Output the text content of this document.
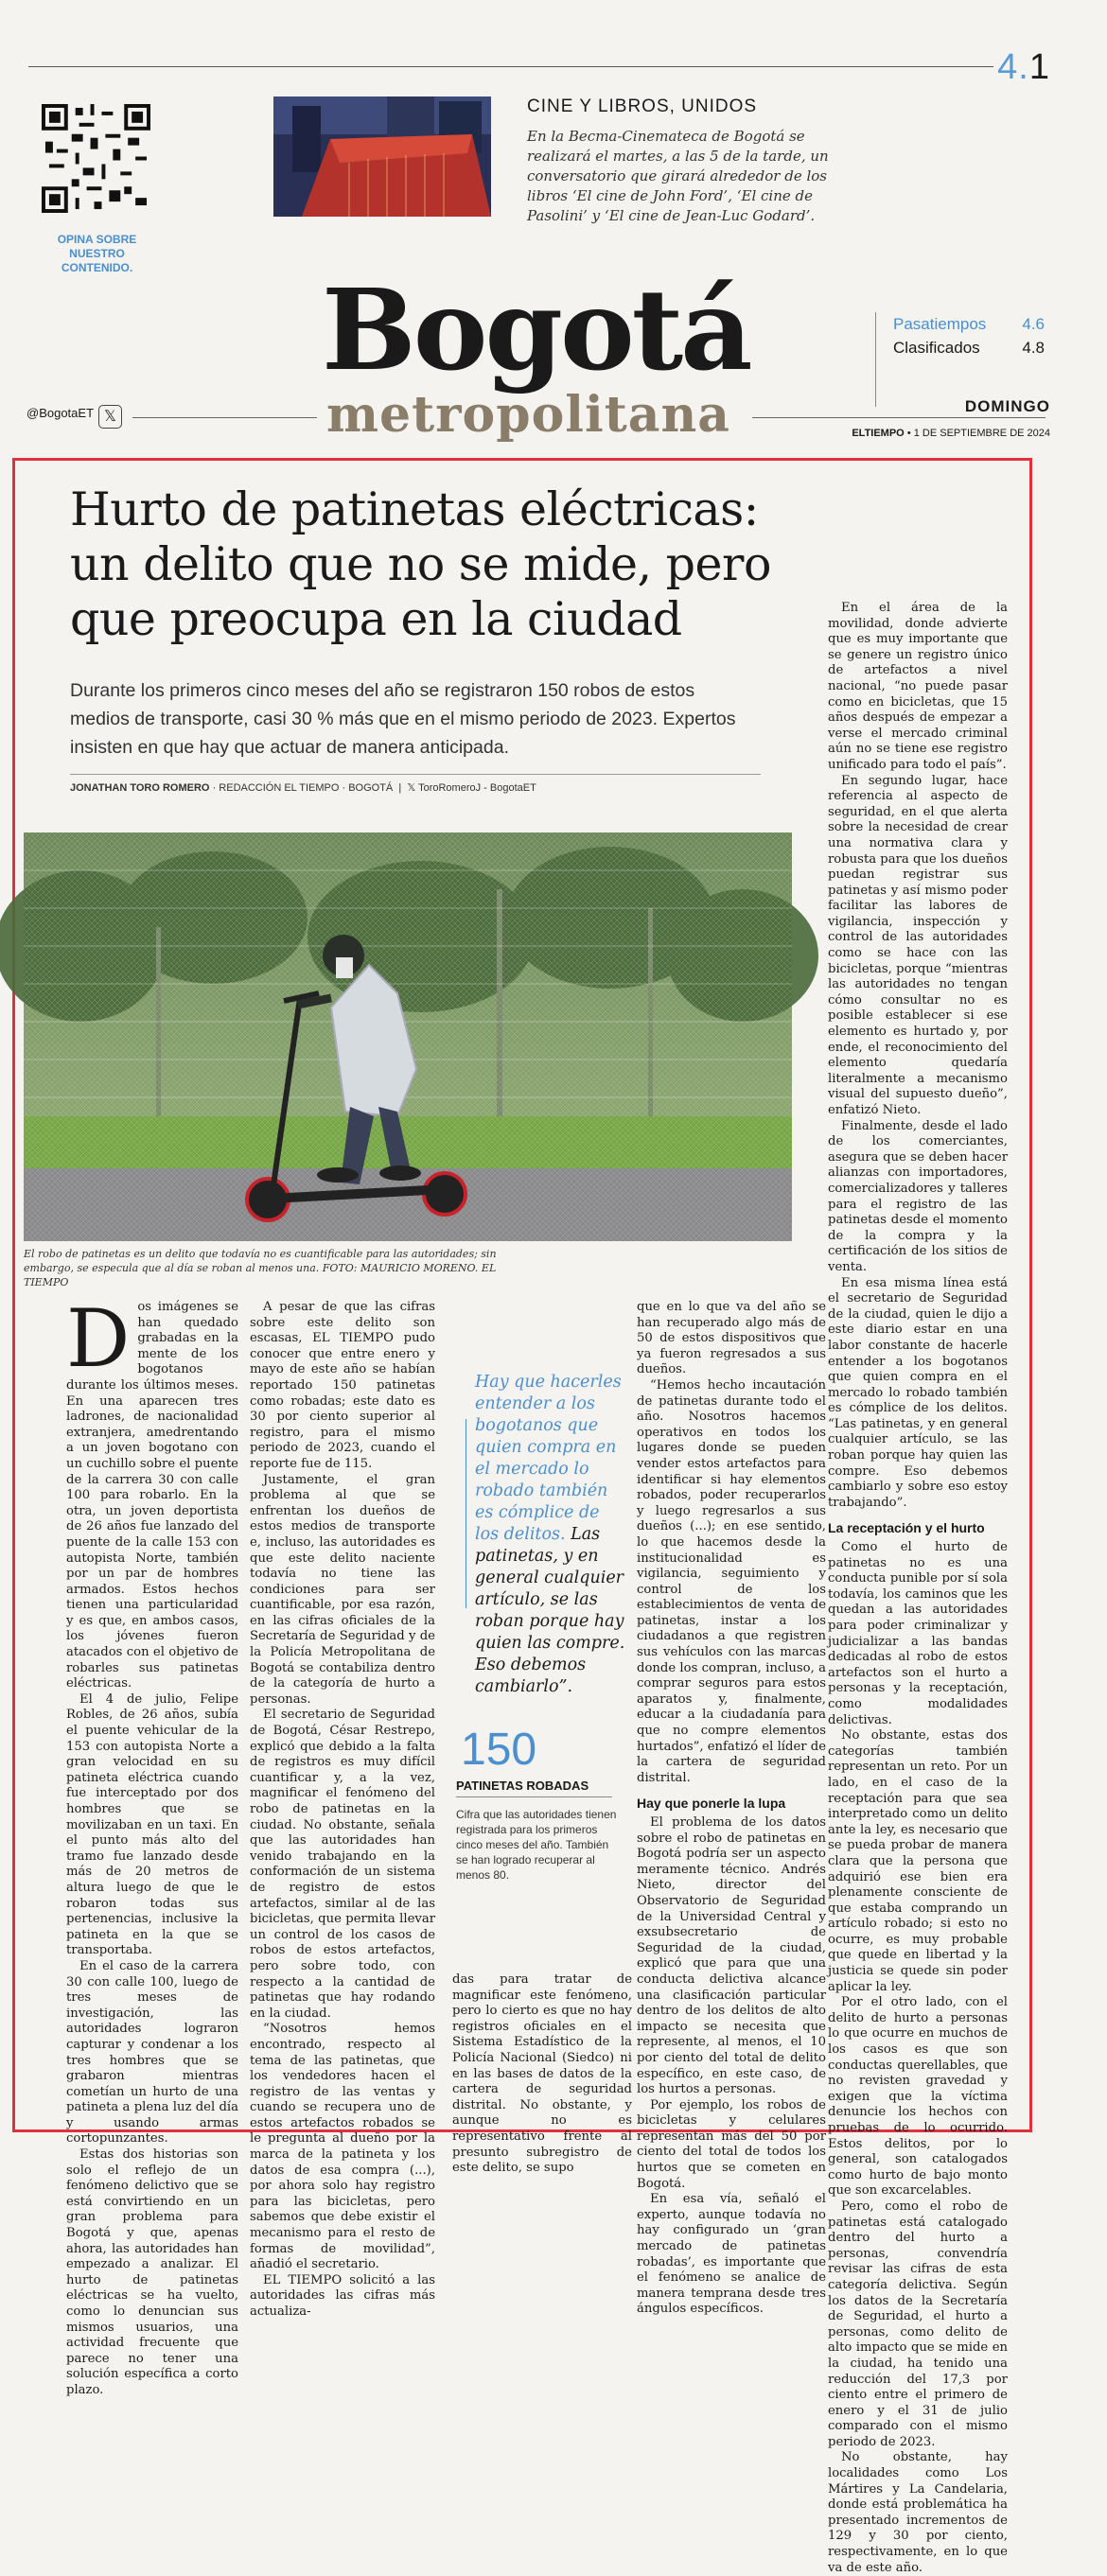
4.1
OPINA SOBRE NUESTRO CONTENIDO.
CINE Y LIBROS, UNIDOS
En la Becma-Cinemateca de Bogotá se realizará el martes, a las 5 de la tarde, un conversatorio que girará alrededor de los libros ‘El cine de John Ford’, ‘El cine de Pasolini’ y ‘El cine de Jean-Luc Godard’.
Bogotá
metropolitana
@BogotaET 𝕏
Pasatiempos 4.6
Clasificados	4.8
DOMINGO
ELTIEMPO • 1 DE SEPTIEMBRE DE 2024
Hurto de patinetas eléctricas: un delito que no se mide, pero que preocupa en la ciudad
Durante los primeros cinco meses del año se registraron 150 robos de estos medios de transporte, casi 30 % más que en el mismo periodo de 2023. Expertos insisten en que hay que actuar de manera anticipada.
JONATHAN TORO ROMERO · REDACCIÓN EL TIEMPO · BOGOTÁ  |  𝕏 ToroRomeroJ - BogotaET
El robo de patinetas es un delito que todavía no es cuantificable para las autoridades; sin embargo, se especula que al día se roban al menos una. FOTO: MAURICIO MORENO. EL TIEMPO

Dos imágenes se han quedado grabadas en la mente de los bogotanos durante los últimos meses. En una aparecen tres ladrones, de nacionalidad extranjera, amedrentando a un joven bogotano con un cuchillo sobre el puente de la carrera 30 con calle 100 para robarlo. En la otra, un joven deportista de 26 años fue lanzado del puente de la calle 153 con autopista Norte, también por un par de hombres armados. Estos hechos tienen una particularidad y es que, en ambos casos, los jóvenes fueron atacados con el objetivo de robarles sus patinetas eléctricas.

El 4 de julio, Felipe Robles, de 26 años, subía el puente vehicular de la 153 con autopista Norte a gran velocidad en su patineta eléctrica cuando fue interceptado por dos hombres que se movilizaban en un taxi. En el punto más alto del tramo fue lanzado desde más de 20 metros de altura luego de que le robaron todas sus pertenencias, inclusive la patineta en la que se transportaba.

En el caso de la carrera 30 con calle 100, luego de tres meses de investigación, las autoridades lograron capturar y condenar a los tres hombres que se grabaron mientras cometían un hurto de una patineta a plena luz del día y usando armas cortopunzantes.

Estas dos historias son solo el reflejo de un fenómeno delictivo que se está convirtiendo en un gran problema para Bogotá y que, apenas ahora, las autoridades han empezado a analizar. El hurto de patinetas eléctricas se ha vuelto, como lo denuncian sus mismos usuarios, una actividad frecuente que parece no tener una solución específica a corto plazo.

A pesar de que las cifras sobre este delito son escasas, EL TIEMPO pudo conocer que entre enero y mayo de este año se habían reportado 150 patinetas como robadas; este dato es 30 por ciento superior al registro, para el mismo periodo de 2023, cuando el reporte fue de 115.

Justamente, el gran problema al que se enfrentan los dueños de estos medios de transporte e, incluso, las autoridades es que este delito naciente todavía no tiene las condiciones para ser cuantificable, por esa razón, en las cifras oficiales de la Secretaría de Seguridad y de la Policía Metropolitana de Bogotá se contabiliza dentro de la categoría de hurto a personas.

El secretario de Seguridad de Bogotá, César Restrepo, explicó que debido a la falta de registros es muy difícil cuantificar y, a la vez, magnificar el fenómeno del robo de patinetas en la ciudad. No obstante, señala que las autoridades han venido trabajando en la conformación de un sistema de registro de estos artefactos, similar al de las bicicletas, que permita llevar un control de los casos de robos de estos artefactos, pero sobre todo, con respecto a la cantidad de patinetas que hay rodando en la ciudad.

“Nosotros hemos encontrado, respecto al tema de las patinetas, que los vendedores hacen el registro de las ventas y cuando se recupera uno de estos artefactos robados se le pregunta al dueño por la marca de la patineta y los datos de esa compra (...), por ahora solo hay registro para las bicicletas, pero sabemos que debe existir el mecanismo para el resto de formas de movilidad”, añadió el secretario.

EL TIEMPO solicitó a las autoridades las cifras más actualiza-

Hay que hacerles entender a los bogotanos que quien compra en el mercado lo robado también es cómplice de los delitos. Las patinetas, y en general cualquier artículo, se las roban porque hay quien las compre. Eso debemos cambiarlo”.
150
PATINETAS ROBADAS
Cifra que las autoridades tienen registrada para los primeros cinco meses del año. También se han logrado recuperar al menos 80.

das para tratar de magnificar este fenómeno, pero lo cierto es que no hay registros oficiales en el Sistema Estadístico de la Policía Nacional (Siedco) ni en las bases de datos de la cartera de seguridad distrital. No obstante, y aunque no es representativo frente al presunto subregistro de este delito, se supo

que en lo que va del año se han recuperado algo más de 50 de estos dispositivos que ya fueron regresados a sus dueños.

“Hemos hecho incautación de patinetas durante todo el año. Nosotros hacemos operativos en todos los lugares donde se pueden vender estos artefactos para identificar si hay elementos robados, poder recuperarlos y luego regresarlos a sus dueños (...); en ese sentido, lo que hacemos desde la institucionalidad es vigilancia, seguimiento y control de los establecimientos de venta de patinetas, instar a los ciudadanos a que registren sus vehículos con las marcas donde los compran, incluso, a comprar seguros para estos aparatos y, finalmente, educar a la ciudadanía para que no compre elementos hurtados”, enfatizó el líder de la cartera de seguridad distrital.

Hay que ponerle la lupa

El problema de los datos sobre el robo de patinetas en Bogotá podría ser un aspecto meramente técnico. Andrés Nieto, director del Observatorio de Seguridad de la Universidad Central y exsubsecretario de Seguridad de la ciudad, explicó que para que una conducta delictiva alcance una clasificación particular dentro de los delitos de alto impacto se necesita que represente, al menos, el 10 por ciento del total de delito específico, en este caso, de los hurtos a personas.

Por ejemplo, los robos de bicicletas y celulares representan más del 50 por ciento del total de todos los hurtos que se cometen en Bogotá.

En esa vía, señaló el experto, aunque todavía no hay configurado un ‘gran mercado de patinetas robadas’, es importante que el fenómeno se analice de manera temprana desde tres ángulos específicos.

En el área de la movilidad, donde advierte que es muy importante que se genere un registro único de artefactos a nivel nacional, “no puede pasar como en bicicletas, que 15 años después de empezar a verse el mercado criminal aún no se tiene ese registro unificado para todo el país”.

En segundo lugar, hace referencia al aspecto de seguridad, en el que alerta sobre la necesidad de crear una normativa clara y robusta para que los dueños puedan registrar sus patinetas y así mismo poder facilitar las labores de vigilancia, inspección y control de las autoridades como se hace con las bicicletas, porque “mientras las autoridades no tengan cómo consultar no es posible establecer si ese elemento es hurtado y, por ende, el reconocimiento del elemento quedaría literalmente a mecanismo visual del supuesto dueño”, enfatizó Nieto.

Finalmente, desde el lado de los comerciantes, asegura que se deben hacer alianzas con importadores, comercializadores y talleres para el registro de las patinetas desde el momento de la compra y la certificación de los sitios de venta.

En esa misma línea está el secretario de Seguridad de la ciudad, quien le dijo a este diario estar en una labor constante de hacerle entender a los bogotanos que quien compra en el mercado lo robado también es cómplice de los delitos. “Las patinetas, y en general cualquier artículo, se las roban porque hay quien las compre. Eso debemos cambiarlo y sobre eso estoy trabajando”.

La receptación y el hurto

Como el hurto de patinetas no es una conducta punible por sí sola todavía, los caminos que les quedan a las autoridades para poder criminalizar y judicializar a las bandas dedicadas al robo de estos artefactos son el hurto a personas y la receptación, como modalidades delictivas.

No obstante, estas dos categorías también representan un reto. Por un lado, en el caso de la receptación para que sea interpretado como un delito ante la ley, es necesario que se pueda probar de manera clara que la persona que adquirió ese bien era plenamente consciente de que estaba comprando un artículo robado; si esto no ocurre, es muy probable que quede en libertad y la justicia se quede sin poder aplicar la ley.

Por el otro lado, con el delito de hurto a personas lo que ocurre en muchos de los casos es que son conductas querellables, que no revisten gravedad y exigen que la víctima denuncie los hechos con pruebas de lo ocurrido. Estos delitos, por lo general, son catalogados como hurto de bajo monto que son excarcelables.

Pero, como el robo de patinetas está catalogado dentro del hurto a personas, convendría revisar las cifras de esta categoría delictiva. Según los datos de la Secretaría de Seguridad, el hurto a personas, como delito de alto impacto que se mide en la ciudad, ha tenido una reducción del 17,3 por ciento entre el primero de enero y el 31 de julio comparado con el mismo periodo de 2023.

No obstante, hay localidades como Los Mártires y La Candelaria, donde está problemática ha presentado incrementos de 129 y 30 por ciento, respectivamente, en lo que va de este año.
